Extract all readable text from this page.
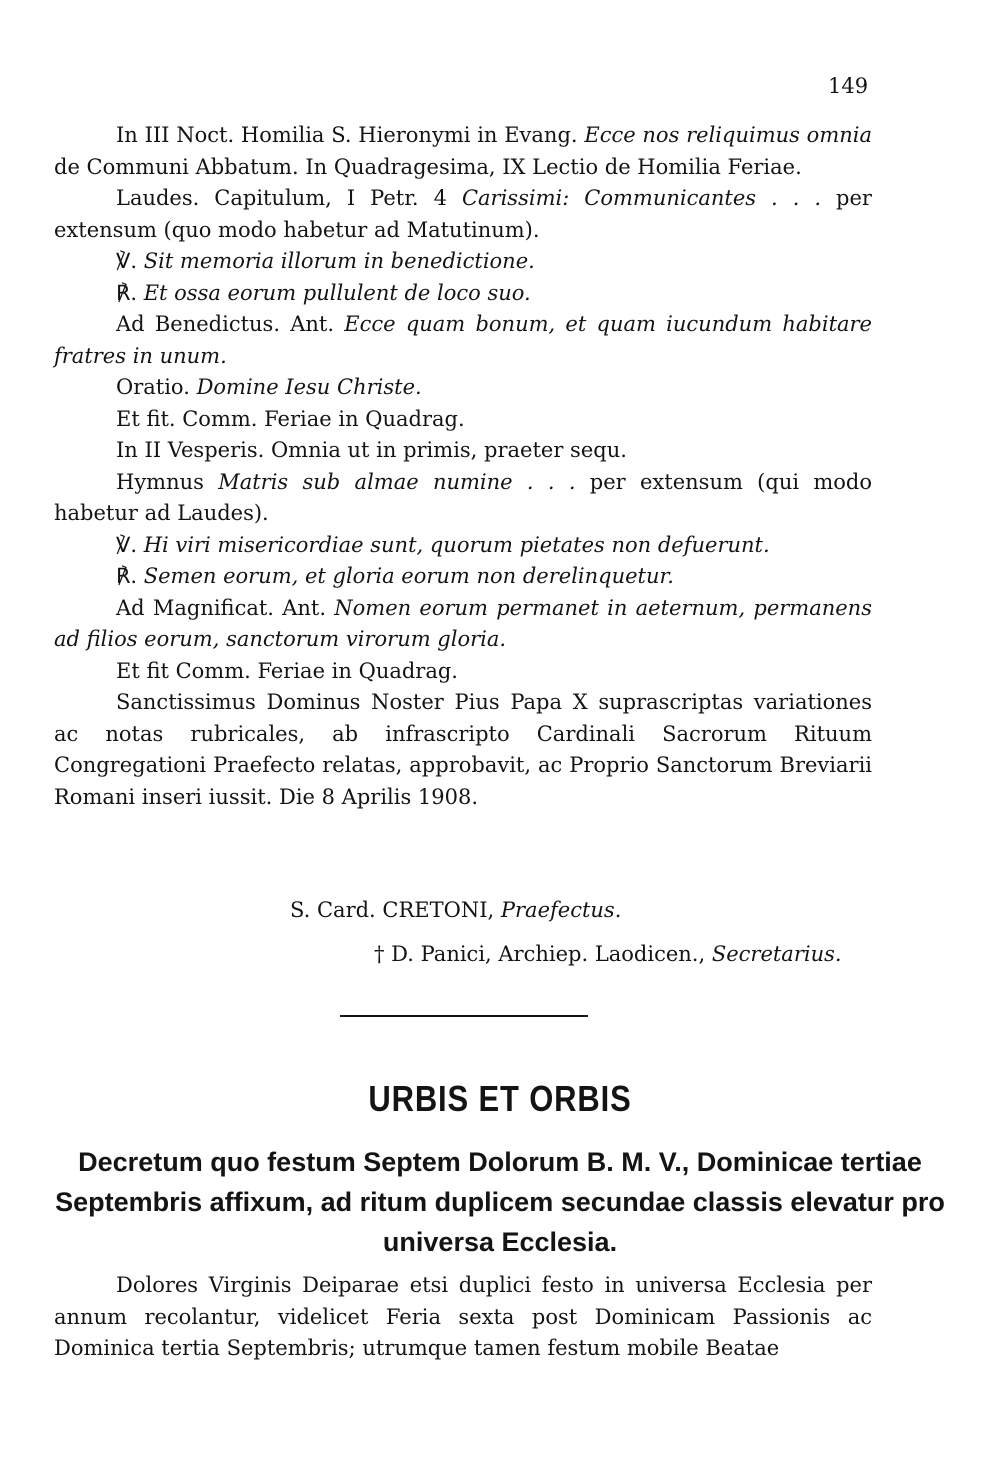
149

In III Noct. Homilia S. Hieronymi in Evang. Ecce nos reliquimus omnia de Communi Abbatum. In Quadragesima, IX Lectio de Homilia Feriae.

Laudes. Capitulum, I Petr. 4 Carissimi: Communicantes . . . per extensum (quo modo habetur ad Matutinum).

℣. Sit memoria illorum in benedictione.

℟. Et ossa eorum pullulent de loco suo.

Ad Benedictus. Ant. Ecce quam bonum, et quam iucundum habitare fratres in unum.

Oratio. Domine Iesu Christe.

Et fit. Comm. Feriae in Quadrag.

In II Vesperis. Omnia ut in primis, praeter sequ.

Hymnus Matris sub almae numine . . . per extensum (qui modo habetur ad Laudes).

℣. Hi viri misericordiae sunt, quorum pietates non defuerunt.

℟. Semen eorum, et gloria eorum non derelinquetur.

Ad Magnificat. Ant. Nomen eorum permanet in aeternum, permanens ad filios eorum, sanctorum virorum gloria.

Et fit Comm. Feriae in Quadrag.

Sanctissimus Dominus Noster Pius Papa X suprascriptas variationes ac notas rubricales, ab infrascripto Cardinali Sacrorum Rituum Congregationi Praefecto relatas, approbavit, ac Proprio Sanctorum Breviarii Romani inseri iussit. Die 8 Aprilis 1908.

S. Card. CRETONI, Praefectus.
† D. Panici, Archiep. Laodicen., Secretarius.
URBIS ET ORBIS
Decretum quo festum Septem Dolorum B. M. V., Dominicae tertiae Septembris affixum, ad ritum duplicem secundae classis elevatur pro universa Ecclesia.

Dolores Virginis Deiparae etsi duplici festo in universa Ecclesia per annum recolantur, videlicet Feria sexta post Dominicam Passionis ac Dominica tertia Septembris; utrumque tamen festum mobile Beatae
